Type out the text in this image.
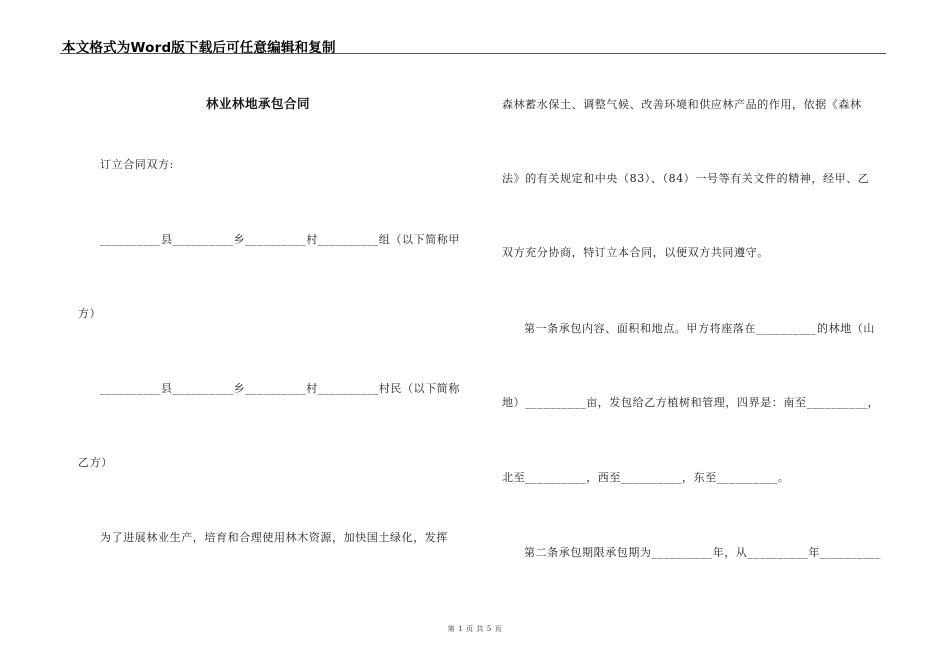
本文格式为Word版下载后可任意编辑和复制
林业林地承包合同
订立合同双方:
__________县__________乡__________村__________组（以下简称甲
方）
__________县__________乡__________村__________村民（以下简称
乙方）
为了进展林业生产，培育和合理使用林木资源，加快国土绿化，发挥
森林蓄水保土、调整气候、改善环境和供应林产品的作用，依据《森林
法》的有关规定和中央（83）、（84）一号等有关文件的精神，经甲、乙
双方充分协商，特订立本合同，以便双方共同遵守。
第一条承包内容、面积和地点。甲方将座落在__________的林地（山
地）__________亩，发包给乙方植树和管理，四界是：南至__________，
北至__________，西至__________，东至__________。
第二条承包期限承包期为__________年，从__________年__________
第 1 页 共 5 页
